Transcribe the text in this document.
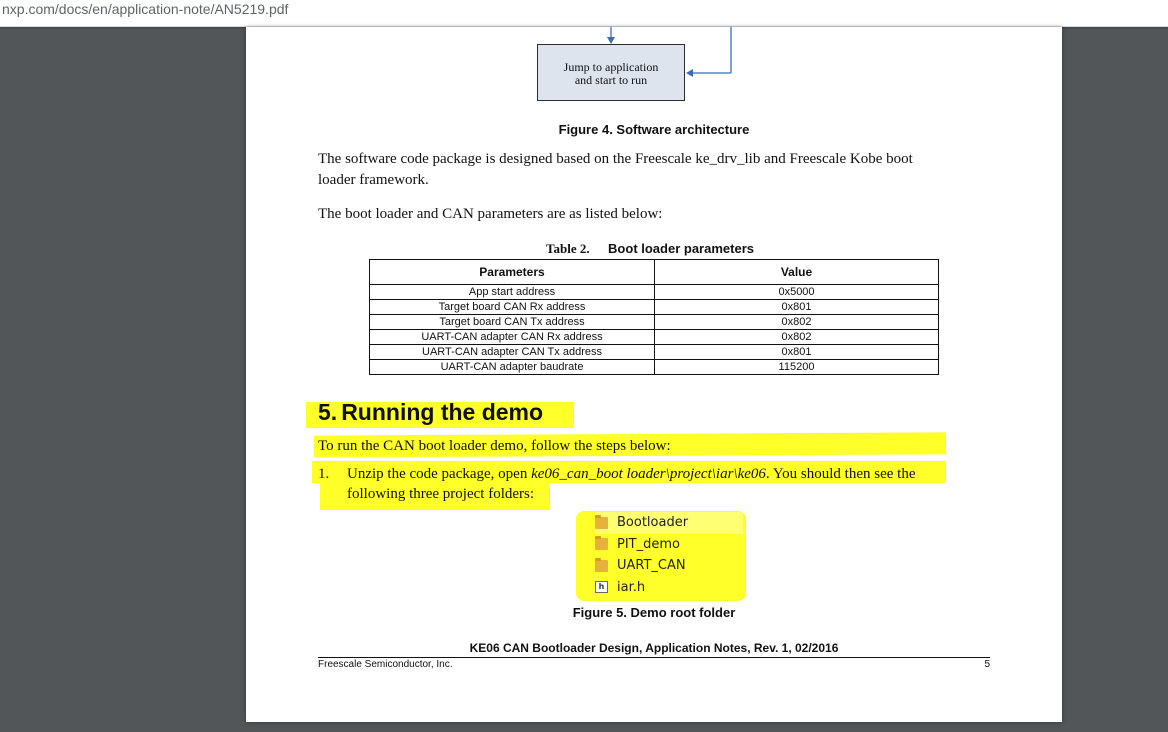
nxp.com/docs/en/application-note/AN5219.pdf
Jump to application
and start to run
Figure 4. Software architecture
The software code package is designed based on the Freescale ke_drv_lib and Freescale Kobe boot
loader framework.
The boot loader and CAN parameters are as listed below:
Table 2. Boot loader parameters
Parameters	Value
App start address	0x5000
Target board CAN Rx address	0x801
Target board CAN Tx address	0x802
UART-CAN adapter CAN Rx address	0x802
UART-CAN adapter CAN Tx address	0x801
UART-CAN adapter baudrate	115200
5. Running the demo
To run the CAN boot loader demo, follow the steps below:
1. Unzip the code package, open ke06_can_boot loader\project\iar\ke06. You should then see the
following three project folders:
Bootloader
PIT_demo
UART_CAN
h iar.h
Figure 5. Demo root folder
KE06 CAN Bootloader Design, Application Notes, Rev. 1, 02/2016
Freescale Semiconductor, Inc.	5
